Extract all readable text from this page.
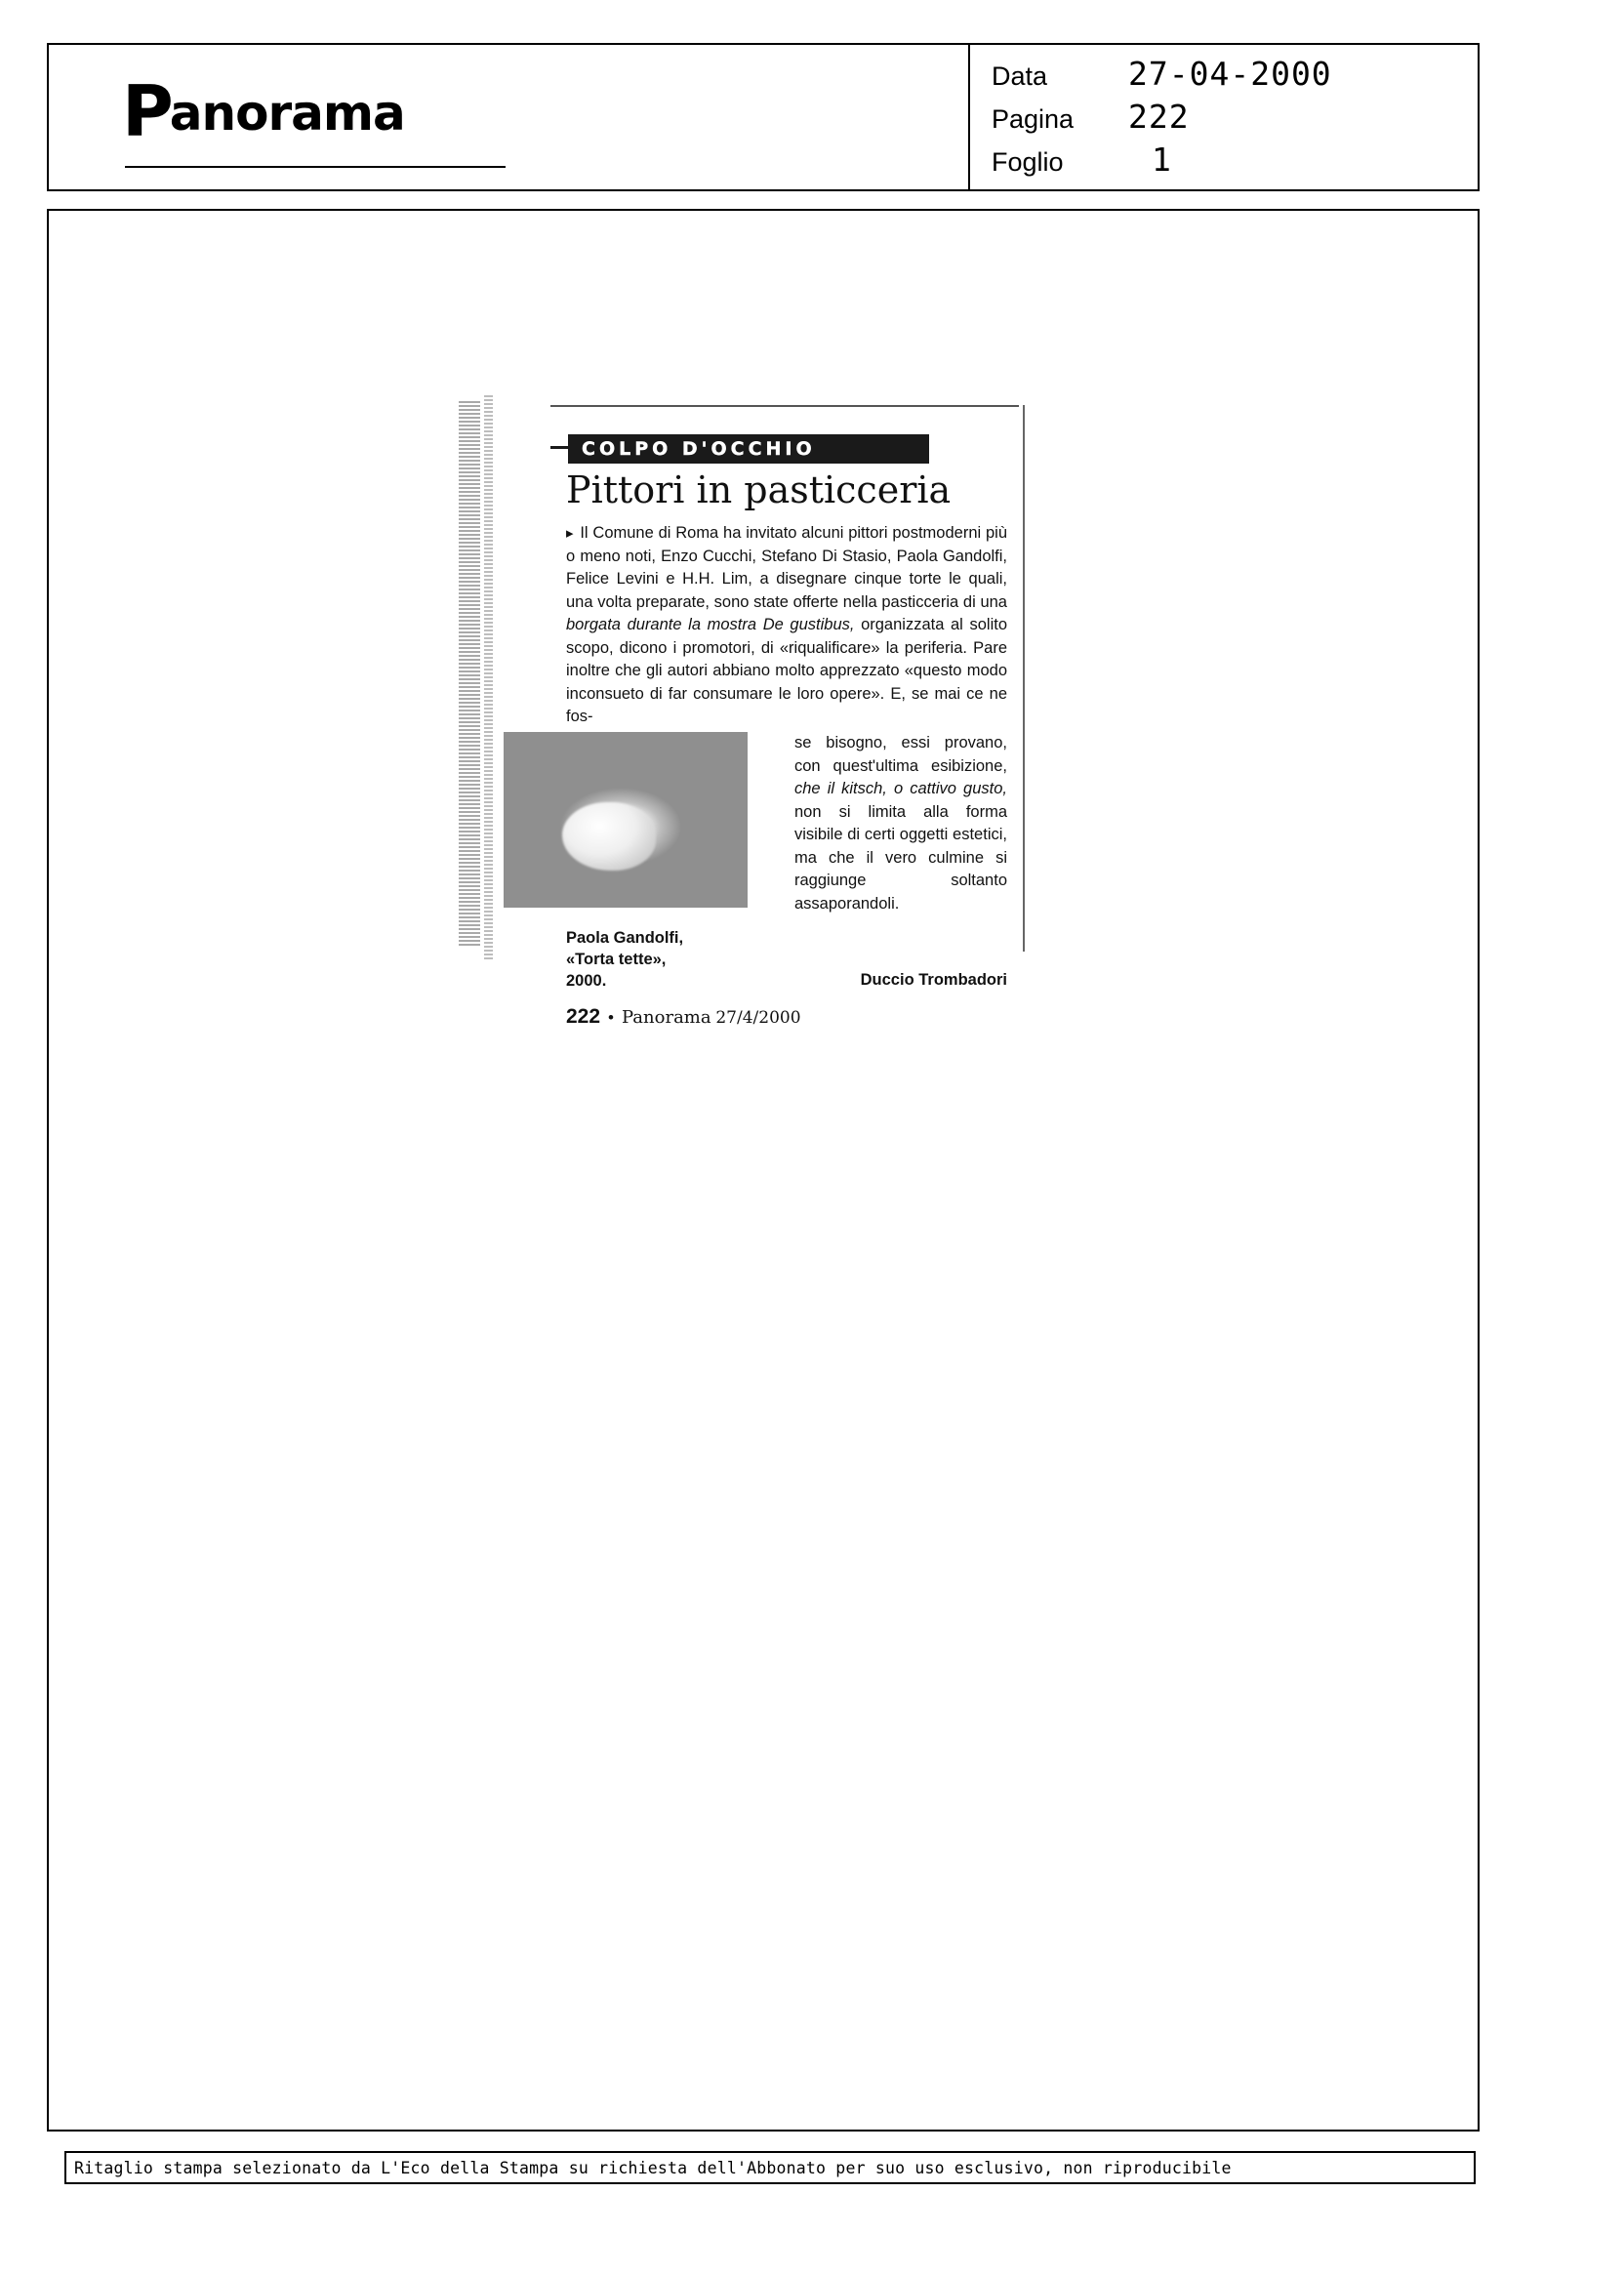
Panorama
Data	27-04-2000
Pagina	222
Foglio	1
COLPO D'OCCHIO
Pittori in pasticceria
▸ Il Comune di Roma ha invitato alcuni pittori postmoderni più o meno noti, Enzo Cucchi, Stefano Di Stasio, Paola Gandolfi, Felice Levini e H.H. Lim, a disegnare cinque torte le quali, una volta preparate, sono state offerte nella pasticceria di una borgata durante la mostra De gustibus, organizzata al solito scopo, dicono i promotori, di «riqualificare» la periferia. Pare inoltre che gli autori abbiano molto apprezzato «questo modo inconsueto di far consumare le loro opere». E, se mai ce ne fos-
se bisogno, essi provano, con quest'ultima esibizione, che il kitsch, o cattivo gusto, non si limita alla forma visibile di certi oggetti estetici, ma che il vero culmine si raggiunge soltanto assaporandoli.
Paola Gandolfi,
«Torta tette»,
2000.	Duccio Trombadori
222 • Panorama 27/4/2000
Ritaglio stampa selezionato da L'Eco della Stampa su richiesta dell'Abbonato per suo uso esclusivo, non riproducibile
